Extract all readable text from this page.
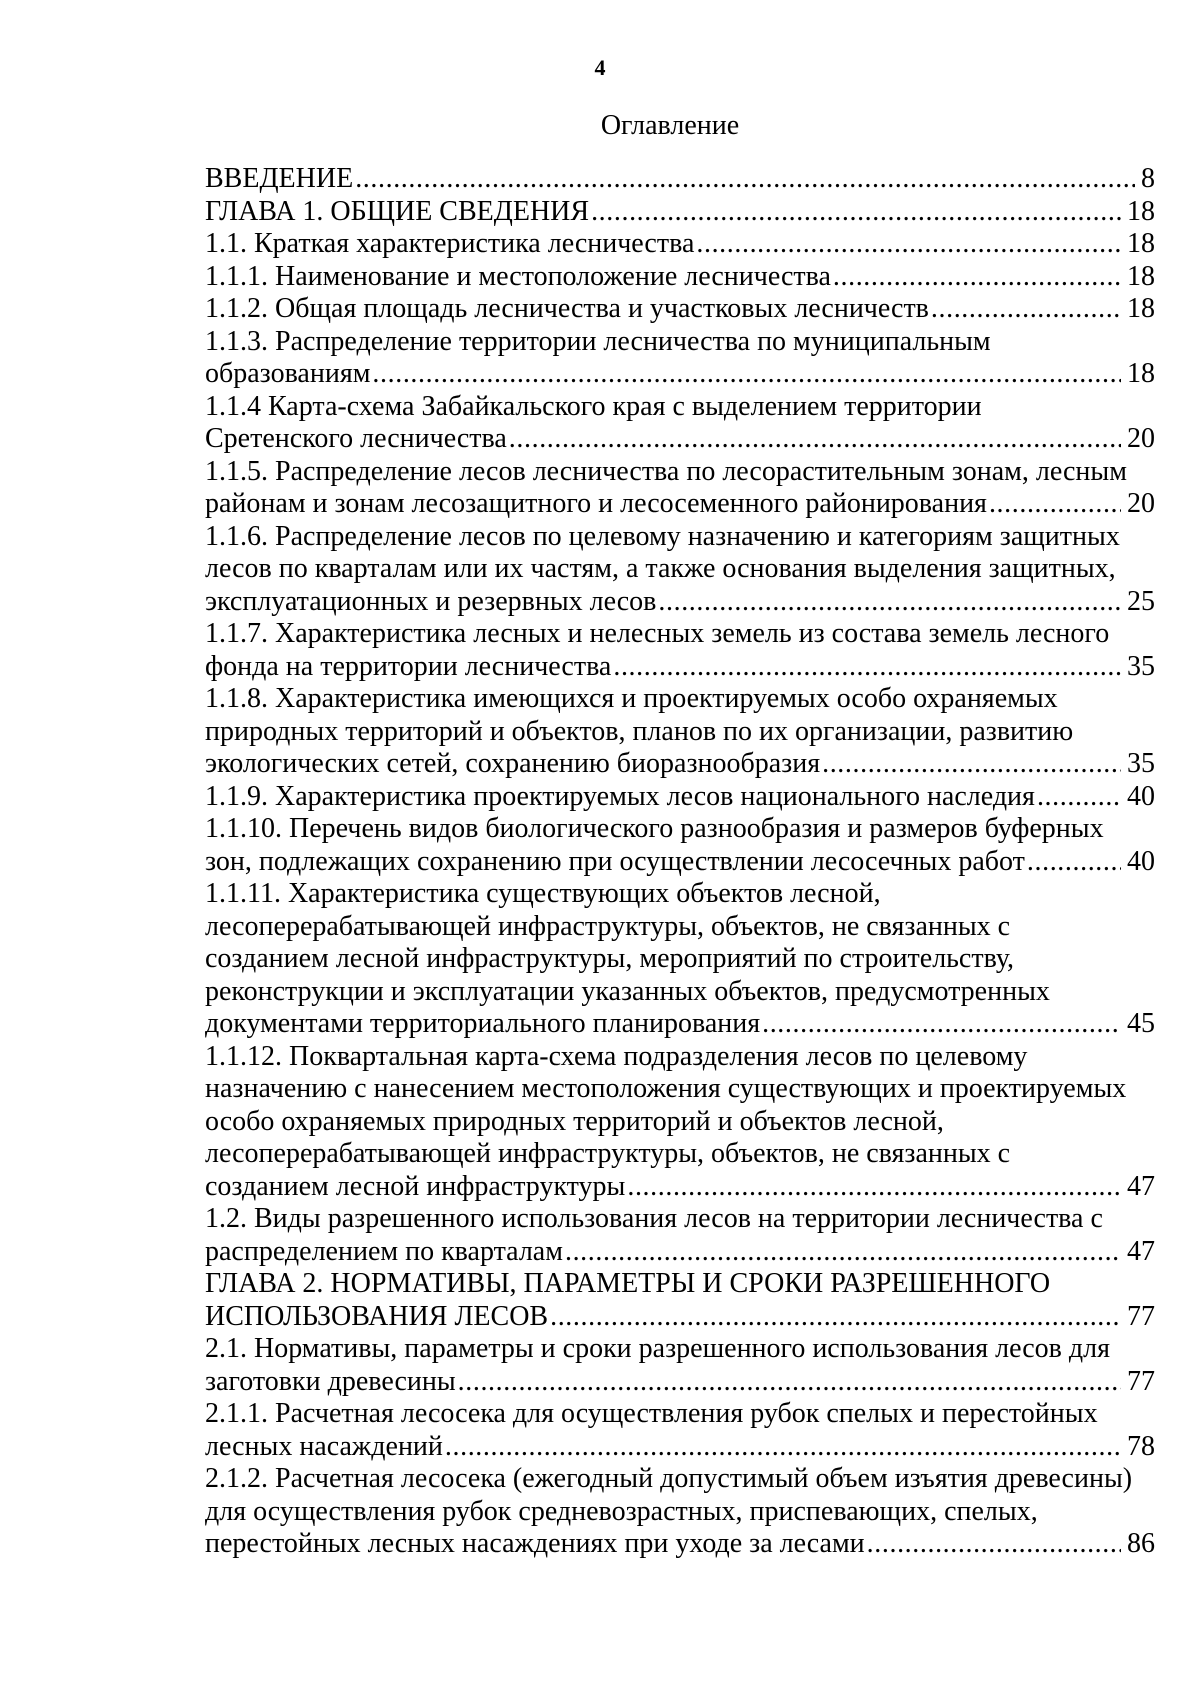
4
Оглавление
ВВЕДЕНИЕ . . .	8
ГЛАВА 1. ОБЩИЕ СВЕДЕНИЯ . . .	18
1.1. Краткая характеристика лесничества . . .	18
1.1.1. Наименование и местоположение лесничества . . .	18
1.1.2. Общая площадь лесничества и участковых лесничеств . . .	18
1.1.3. Распределение территории лесничества по муниципальным
образованиям . . .	18
1.1.4 Карта-схема Забайкальского края с выделением территории
Сретенского лесничества . . .	20
1.1.5. Распределение лесов лесничества по лесорастительным зонам, лесным
районам и зонам лесозащитного и лесосеменного районирования . . .	20
1.1.6. Распределение лесов по целевому назначению и категориям защитных
лесов по кварталам или их частям, а также основания выделения защитных,
эксплуатационных и резервных лесов . . .	25
1.1.7. Характеристика лесных и нелесных земель из состава земель лесного
фонда на территории лесничества . . .	35
1.1.8. Характеристика имеющихся и проектируемых особо охраняемых
природных территорий и объектов, планов по их организации, развитию
экологических сетей, сохранению биоразнообразия . . .	35
1.1.9. Характеристика проектируемых лесов национального наследия . . .	40
1.1.10. Перечень видов биологического разнообразия и размеров буферных
зон, подлежащих сохранению при осуществлении лесосечных работ . . .	40
1.1.11. Характеристика существующих объектов лесной,
лесоперерабатывающей инфраструктуры, объектов, не связанных с
созданием лесной инфраструктуры, мероприятий по строительству,
реконструкции и эксплуатации указанных объектов, предусмотренных
документами территориального планирования . . .	45
1.1.12. Поквартальная карта-схема подразделения лесов по целевому
назначению с нанесением местоположения существующих и проектируемых
особо охраняемых природных территорий и объектов лесной,
лесоперерабатывающей инфраструктуры, объектов, не связанных с
созданием лесной инфраструктуры . . .	47
1.2. Виды разрешенного использования лесов на территории лесничества с
распределением по кварталам . . .	47
ГЛАВА 2. НОРМАТИВЫ, ПАРАМЕТРЫ И СРОКИ РАЗРЕШЕННОГО
ИСПОЛЬЗОВАНИЯ ЛЕСОВ . . .	77
2.1. Нормативы, параметры и сроки разрешенного использования лесов для
заготовки древесины . . .	77
2.1.1. Расчетная лесосека для осуществления рубок спелых и перестойных
лесных насаждений . . .	78
2.1.2. Расчетная лесосека (ежегодный допустимый объем изъятия древесины)
для осуществления рубок средневозрастных, приспевающих, спелых,
перестойных лесных насаждениях при уходе за лесами . . .	86
